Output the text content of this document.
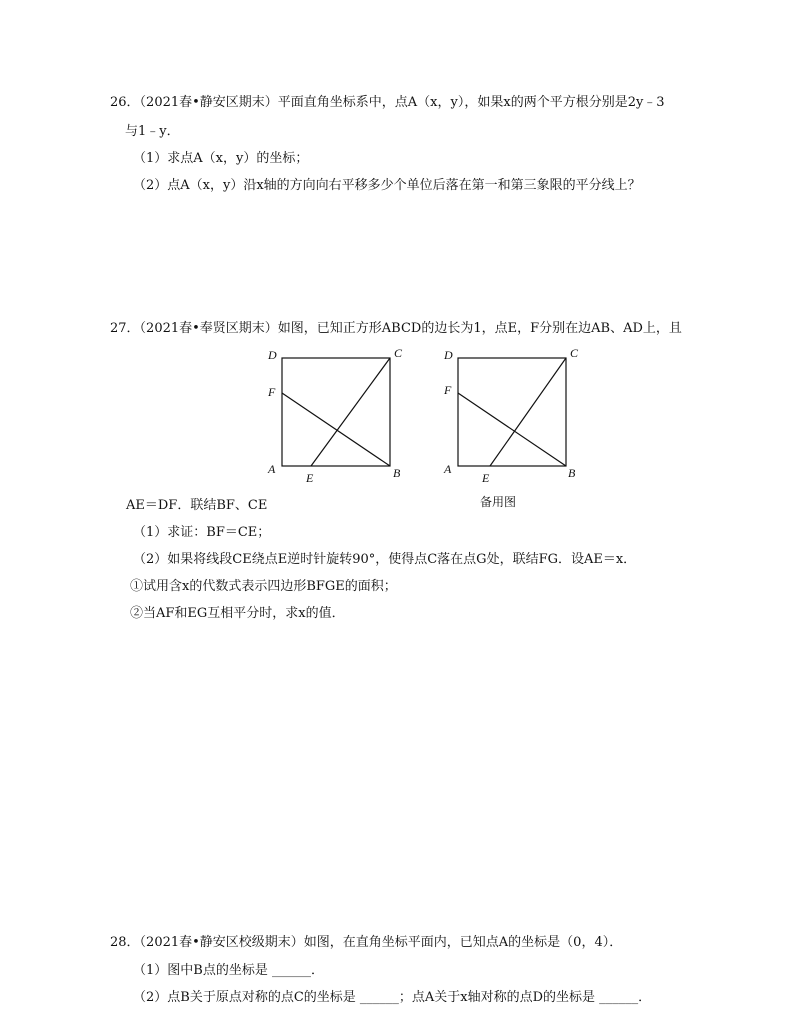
26．（2021春•静安区期末）平面直角坐标系中，点A（x，y），如果x的两个平方根分别是2y﹣3
与1﹣y．
（1）求点A（x，y）的坐标；
（2）点A（x，y）沿x轴的方向向右平移多少个单位后落在第一和第三象限的平分线上？
27．（2021春•奉贤区期末）如图，已知正方形ABCD的边长为1，点E，F分别在边AB、AD上，且
D	C
F
A	B
E
D	C
F
A	B
E
备用图
AE＝DF．联结BF、CE
（1）求证：BF＝CE；
（2）如果将线段CE绕点E逆时针旋转90°，使得点C落在点G处，联结FG．设AE＝x．
①试用含x的代数式表示四边形BFGE的面积；
②当AF和EG互相平分时，求x的值．
28．（2021春•静安区校级期末）如图，在直角坐标平面内，已知点A的坐标是（0，4）．
（1）图中B点的坐标是 ______．
（2）点B关于原点对称的点C的坐标是 ______；点A关于x轴对称的点D的坐标是 ______．
